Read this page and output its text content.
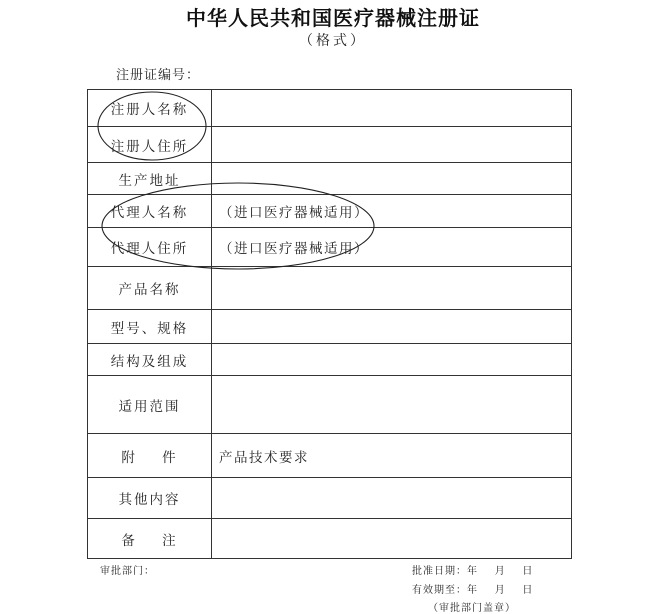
中华人民共和国医疗器械注册证
（格式）
注册证编号：
注册人名称	
注册人住所	
生产地址	
代理人名称	（进口医疗器械适用）
代理人住所	（进口医疗器械适用）
产品名称	
型号、规格	
结构及组成	
适用范围	
附    件	产品技术要求
其他内容	
备    注	
审批部门：	批准日期：年    月    日
有效期至：年    月    日
（审批部门盖章）
